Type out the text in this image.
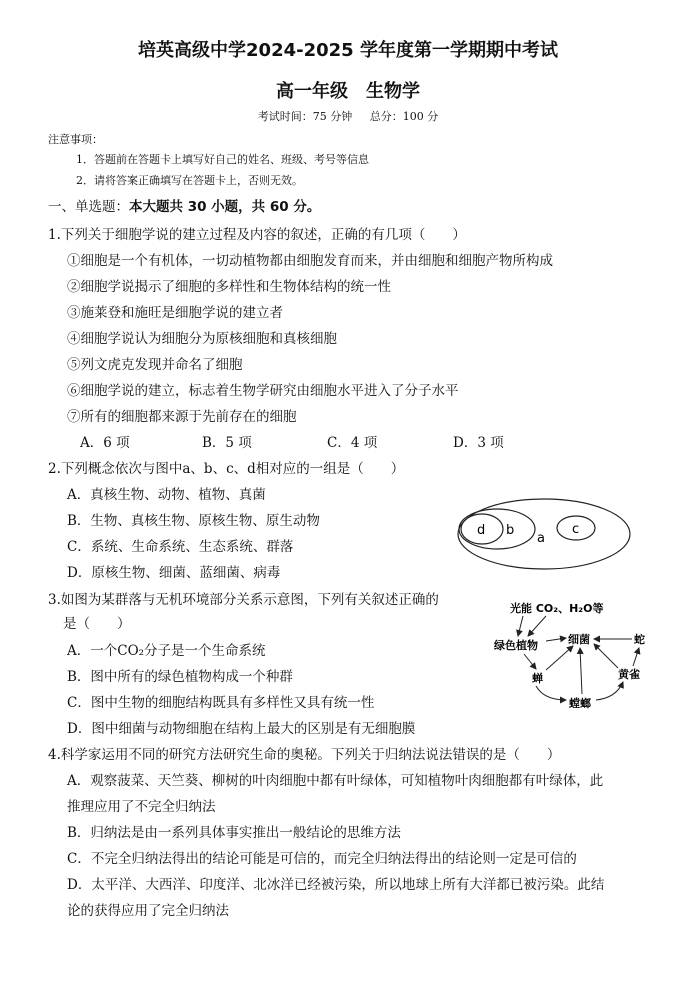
培英高级中学2024-2025 学年度第一学期期中考试
高一年级　生物学
考试时间：75 分钟 总分：100 分
注意事项：
1．答题前在答题卡上填写好自己的姓名、班级、考号等信息
2．请将答案正确填写在答题卡上，否则无效。
一、单选题：本大题共 30 小题，共 60 分。
1.下列关于细胞学说的建立过程及内容的叙述，正确的有几项（　　）
①细胞是一个有机体，一切动植物都由细胞发育而来，并由细胞和细胞产物所构成
②细胞学说揭示了细胞的多样性和生物体结构的统一性
③施莱登和施旺是细胞学说的建立者
④细胞学说认为细胞分为原核细胞和真核细胞
⑤列文虎克发现并命名了细胞
⑥细胞学说的建立，标志着生物学研究由细胞水平进入了分子水平
⑦所有的细胞都来源于先前存在的细胞
A．6 项	B．5 项	C．4 项	D．3 项
2.下列概念依次与图中a、b、c、d相对应的一组是（　　）
A．真核生物、动物、植物、真菌
B．生物、真核生物、原核生物、原生动物
C．系统、生命系统、生态系统、群落
D．原核生物、细菌、蓝细菌、病毒
d b
a
c
3.如图为某群落与无机环境部分关系示意图，下列有关叙述正确的
是（　　）
A．一个CO₂分子是一个生命系统
B．图中所有的绿色植物构成一个种群
C．图中生物的细胞结构既具有多样性又具有统一性
D．图中细菌与动物细胞在结构上最大的区别是有无细胞膜
光能 CO₂、H₂O等
绿色植物	细菌	蛇
黄雀
蝉
螳螂
4.科学家运用不同的研究方法研究生命的奥秘。下列关于归纳法说法错误的是（　　）
A．观察菠菜、天竺葵、柳树的叶肉细胞中都有叶绿体，可知植物叶肉细胞都有叶绿体，此
推理应用了不完全归纳法
B．归纳法是由一系列具体事实推出一般结论的思维方法
C．不完全归纳法得出的结论可能是可信的，而完全归纳法得出的结论则一定是可信的
D．太平洋、大西洋、印度洋、北冰洋已经被污染，所以地球上所有大洋都已被污染。此结
论的获得应用了完全归纳法
